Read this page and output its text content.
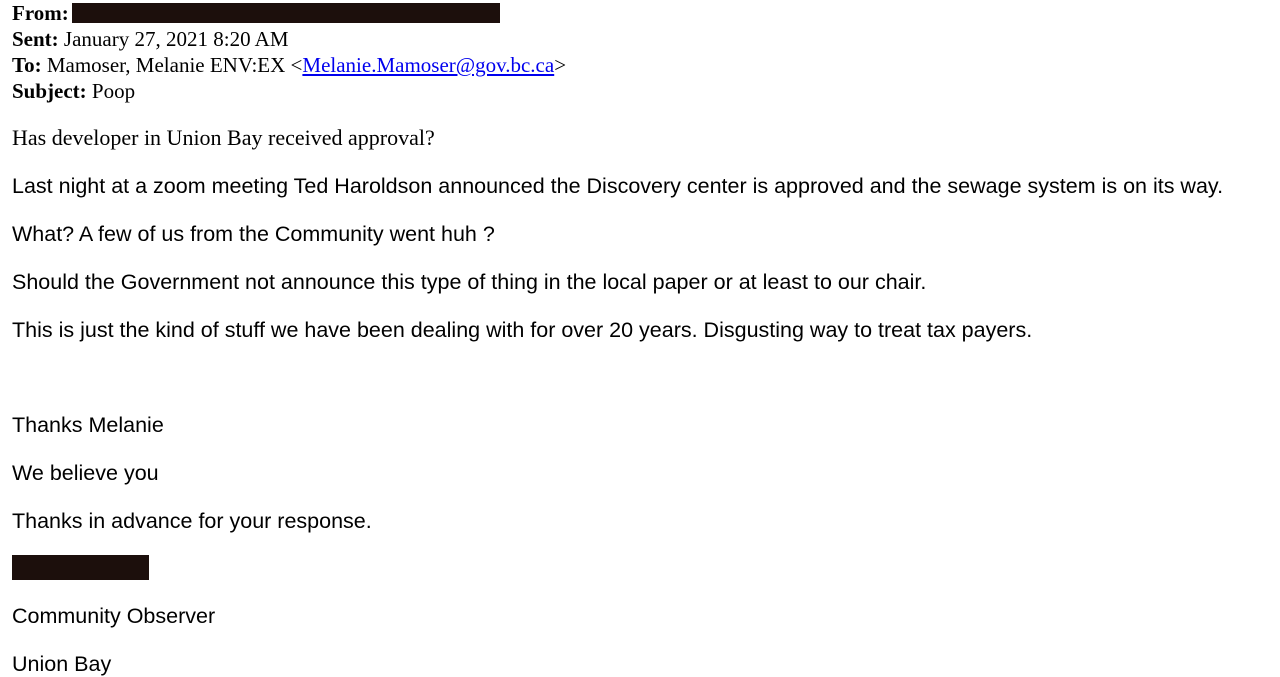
From:
Sent: January 27, 2021 8:20 AM
To: Mamoser, Melanie ENV:EX <Melanie.Mamoser@gov.bc.ca>
Subject: Poop
Has developer in Union Bay received approval?
Last night at a zoom meeting Ted Haroldson announced the Discovery center is approved and the sewage system is on its way.
What? A few of us from the Community went huh ?
Should the Government not announce this type of thing in the local paper or at least to our chair.
This is just the kind of stuff we have been dealing with for over 20 years. Disgusting way to treat tax payers.
Thanks Melanie
We believe you
Thanks in advance for your response.
Community Observer
Union Bay
